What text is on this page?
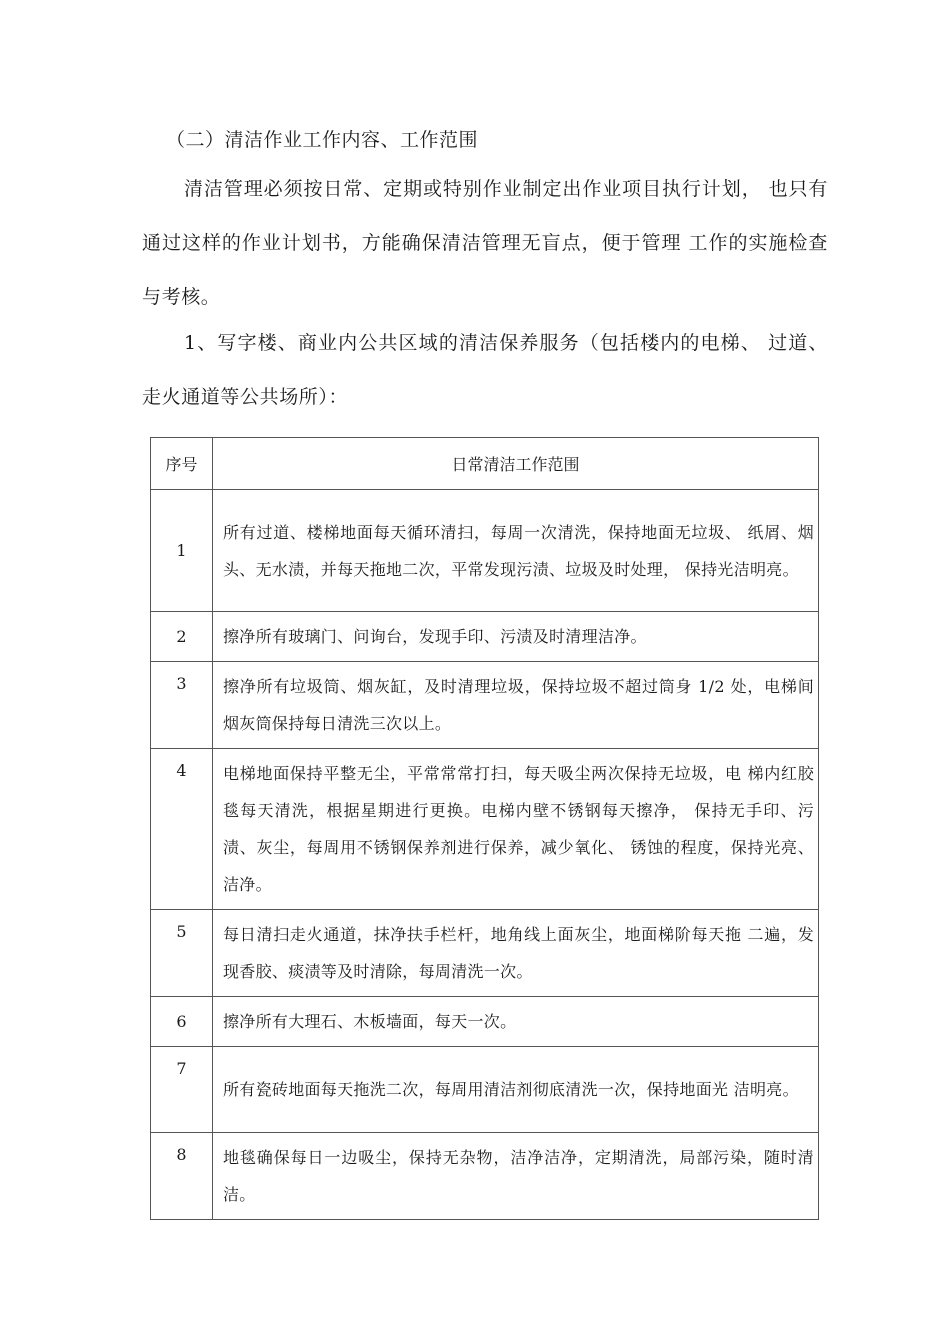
（二）清洁作业工作内容、工作范围

清洁管理必须按日常、定期或特别作业制定出作业项目执行计划， 也只有通过这样的作业计划书，方能确保清洁管理无盲点，便于管理 工作的实施检查与考核。

1、写字楼、商业内公共区域的清洁保养服务（包括楼内的电梯、 过道、走火通道等公共场所）：

序号	日常清洁工作范围
1	所有过道、楼梯地面每天循环清扫，每周一次清洗，保持地面无垃圾、 纸屑、烟头、无水渍，并每天拖地二次，平常发现污渍、垃圾及时处理， 保持光洁明亮。
2	擦净所有玻璃门、问询台，发现手印、污渍及时清理洁净。
3	擦净所有垃圾筒、烟灰缸，及时清理垃圾，保持垃圾不超过筒身 1/2 处，电梯间烟灰筒保持每日清洗三次以上。
4	电梯地面保持平整无尘，平常常常打扫，每天吸尘两次保持无垃圾，电 梯内红胶毯每天清洗，根据星期进行更换。电梯内壁不锈钢每天擦净， 保持无手印、污渍、灰尘，每周用不锈钢保养剂进行保养，减少氧化、 锈蚀的程度，保持光亮、洁净。
5	每日清扫走火通道，抹净扶手栏杆，地角线上面灰尘，地面梯阶每天拖 二遍，发现香胶、痰渍等及时清除，每周清洗一次。
6	擦净所有大理石、木板墙面，每天一次。
7	所有瓷砖地面每天拖洗二次，每周用清洁剂彻底清洗一次，保持地面光 洁明亮。
8	地毯确保每日一边吸尘，保持无杂物，洁净洁净，定期清洗，局部污染，随时清洁。
